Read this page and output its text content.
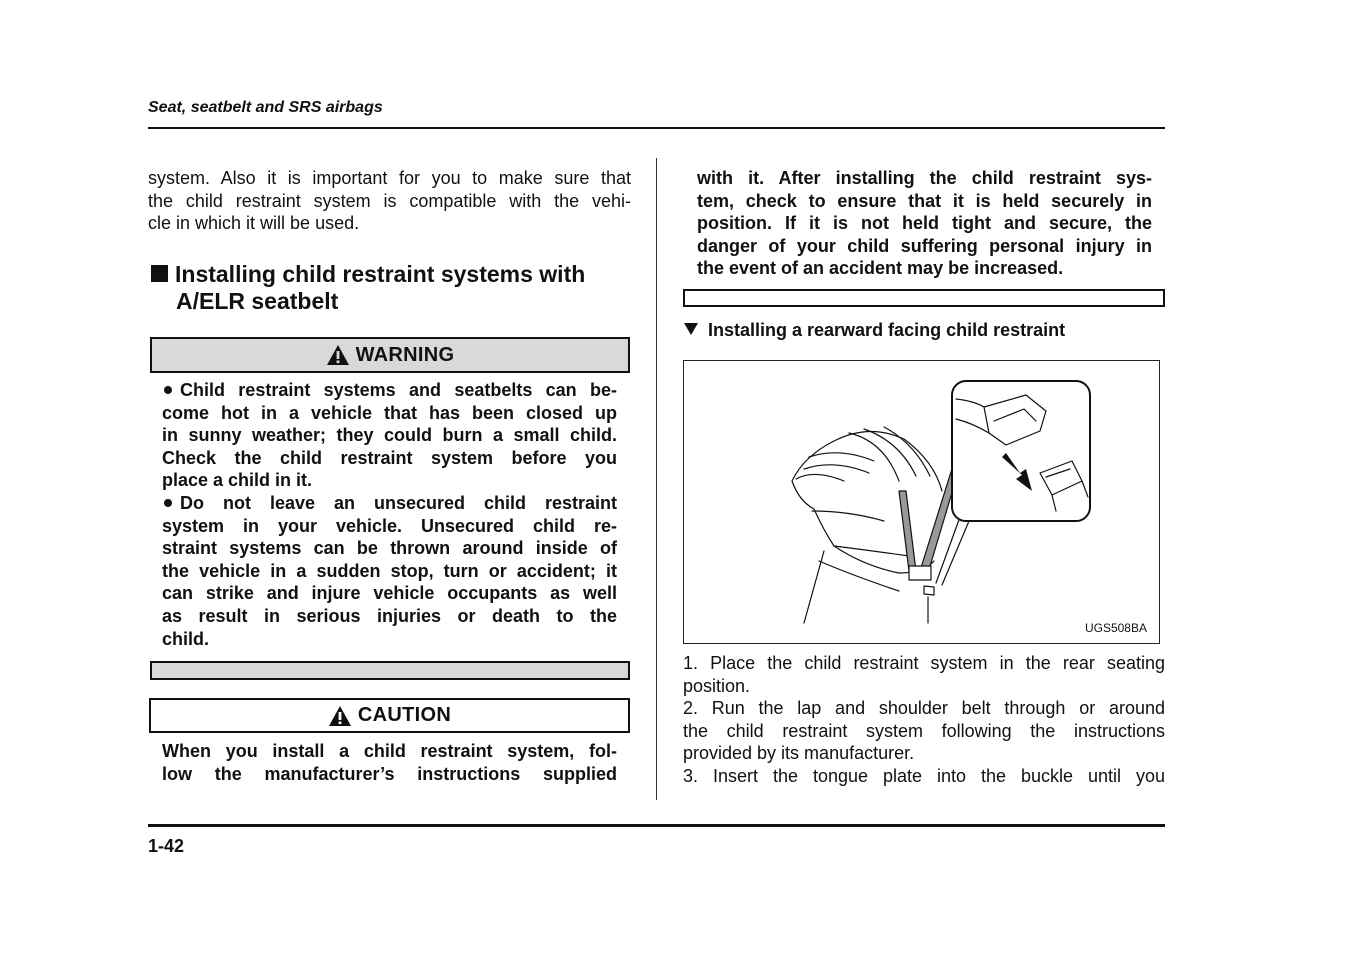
Seat, seatbelt and SRS airbags

system. Also it is important for you to make sure that

the child restraint system is compatible with the vehi-

cle in which it will be used.

Installing child restraint systems with
A/ELR seatbelt
WARNING

Child restraint systems and seatbelts can be-

come hot in a vehicle that has been closed up

in sunny weather; they could burn a small child.

Check the child restraint system before you

place a child in it.

Do not leave an unsecured child restraint

system in your vehicle. Unsecured child re-

straint systems can be thrown around inside of

the vehicle in a sudden stop, turn or accident; it

can strike and injure vehicle occupants as well

as result in serious injuries or death to the

child.

CAUTION

When you install a child restraint system, fol-

low the manufacturer’s instructions supplied

with it. After installing the child restraint sys-

tem, check to ensure that it is held securely in

position. If it is not held tight and secure, the

danger of your child suffering personal injury in

the event of an accident may be increased.

Installing a rearward facing child restraint
UGS508BA

1. Place the child restraint system in the rear seating

position.

2. Run the lap and shoulder belt through or around

the child restraint system following the instructions

provided by its manufacturer.

3. Insert the tongue plate into the buckle until you

1-42
